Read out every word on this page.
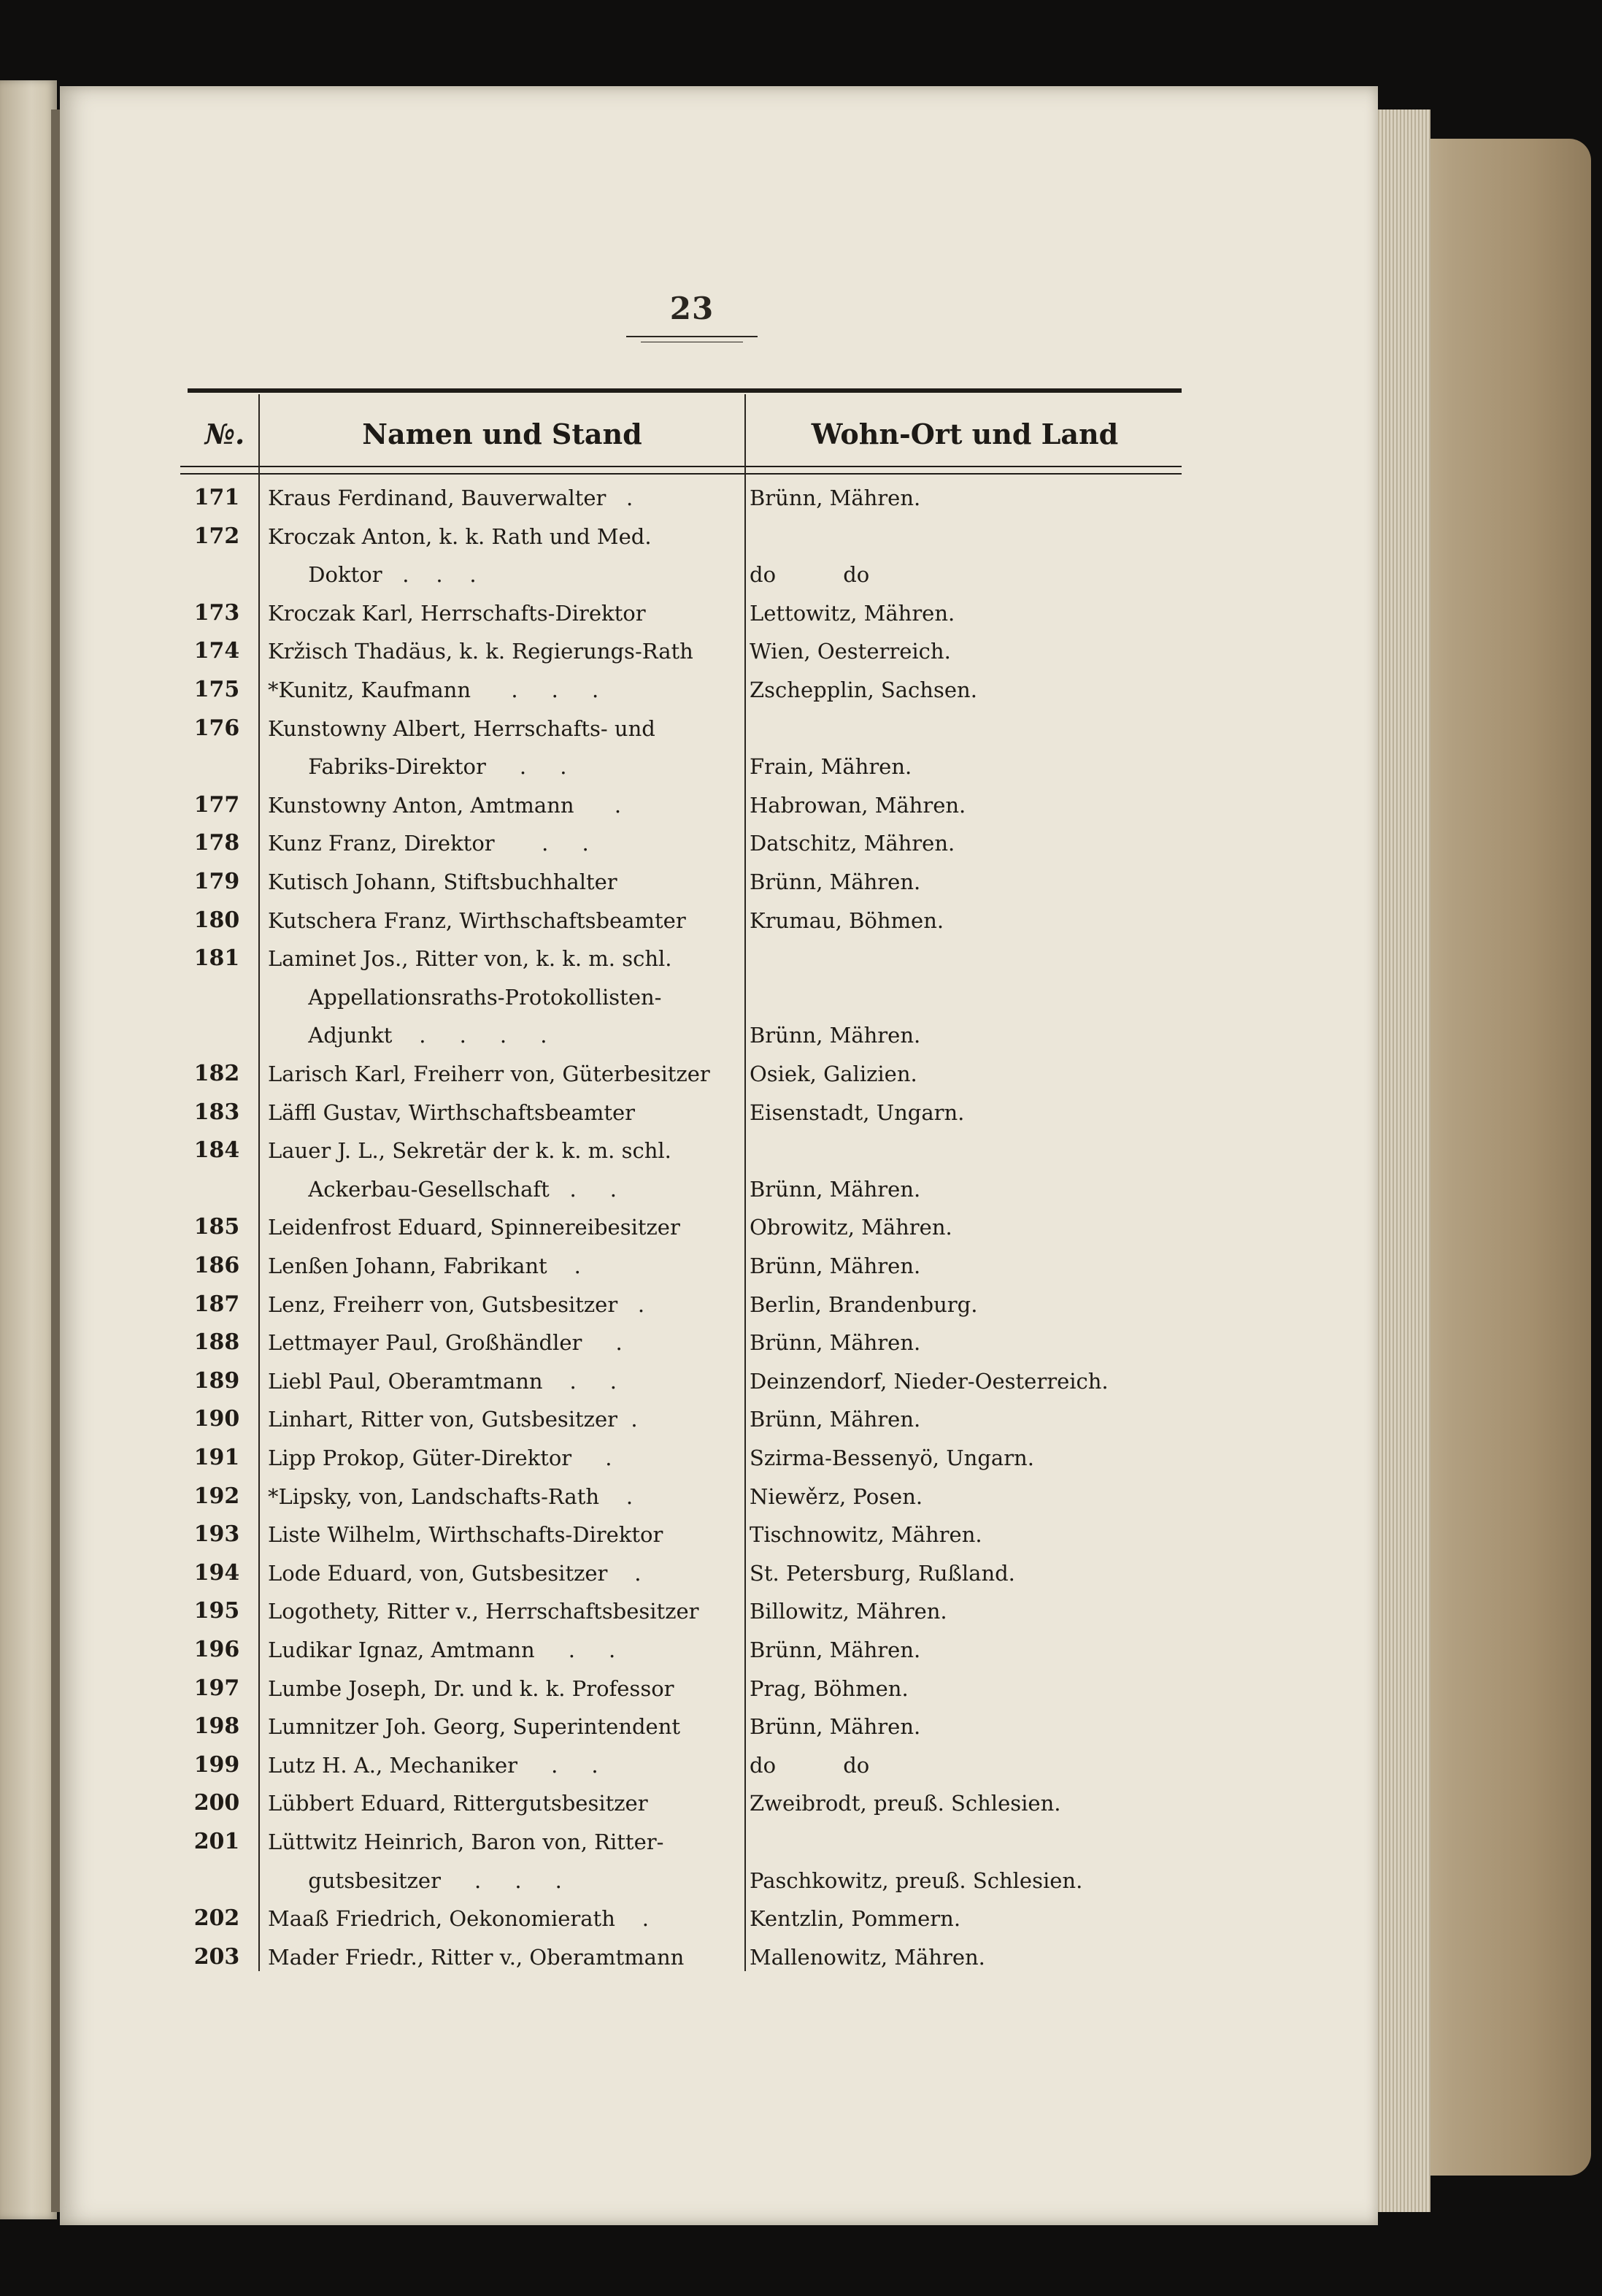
23
№.	Namen und Stand	Wohn-Ort und Land
171	Kraus Ferdinand, Bauverwalter   .	Brünn, Mähren.
172	Kroczak Anton, k. k. Rath und Med.
Doktor   .    .    .	do          do
173	Kroczak Karl, Herrschafts-Direktor	Lettowitz, Mähren.
174	Kržisch Thadäus, k. k. Regierungs-Rath	Wien, Oesterreich.
175	*Kunitz, Kaufmann      .     .     .	Zschepplin, Sachsen.
176	Kunstowny Albert, Herrschafts- und
Fabriks-Direktor     .     .	Frain, Mähren.
177	Kunstowny Anton, Amtmann      .	Habrowan, Mähren.
178	Kunz Franz, Direktor       .     .	Datschitz, Mähren.
179	Kutisch Johann, Stiftsbuchhalter	Brünn, Mähren.
180	Kutschera Franz, Wirthschaftsbeamter	Krumau, Böhmen.
181	Laminet Jos., Ritter von, k. k. m. schl.
Appellationsraths-Protokollisten-
Adjunkt    .     .     .     .	Brünn, Mähren.
182	Larisch Karl, Freiherr von, Güterbesitzer	Osiek, Galizien.
183	Läffl Gustav, Wirthschaftsbeamter	Eisenstadt, Ungarn.
184	Lauer J. L., Sekretär der k. k. m. schl.
Ackerbau-Gesellschaft   .     .	Brünn, Mähren.
185	Leidenfrost Eduard, Spinnereibesitzer	Obrowitz, Mähren.
186	Lenßen Johann, Fabrikant    .	Brünn, Mähren.
187	Lenz, Freiherr von, Gutsbesitzer   .	Berlin, Brandenburg.
188	Lettmayer Paul, Großhändler     .	Brünn, Mähren.
189	Liebl Paul, Oberamtmann    .     .	Deinzendorf, Nieder-Oesterreich.
190	Linhart, Ritter von, Gutsbesitzer  .	Brünn, Mähren.
191	Lipp Prokop, Güter-Direktor     .	Szirma-Bessenyö, Ungarn.
192	*Lipsky, von, Landschafts-Rath    .	Niewěrz, Posen.
193	Liste Wilhelm, Wirthschafts-Direktor	Tischnowitz, Mähren.
194	Lode Eduard, von, Gutsbesitzer    .	St. Petersburg, Rußland.
195	Logothety, Ritter v., Herrschaftsbesitzer	Billowitz, Mähren.
196	Ludikar Ignaz, Amtmann     .     .	Brünn, Mähren.
197	Lumbe Joseph, Dr. und k. k. Professor	Prag, Böhmen.
198	Lumnitzer Joh. Georg, Superintendent	Brünn, Mähren.
199	Lutz H. A., Mechaniker     .     .	do          do
200	Lübbert Eduard, Rittergutsbesitzer	Zweibrodt, preuß. Schlesien.
201	Lüttwitz Heinrich, Baron von, Ritter-
gutsbesitzer     .     .     .	Paschkowitz, preuß. Schlesien.
202	Maaß Friedrich, Oekonomierath    .	Kentzlin, Pommern.
203	Mader Friedr., Ritter v., Oberamtmann	Mallenowitz, Mähren.
